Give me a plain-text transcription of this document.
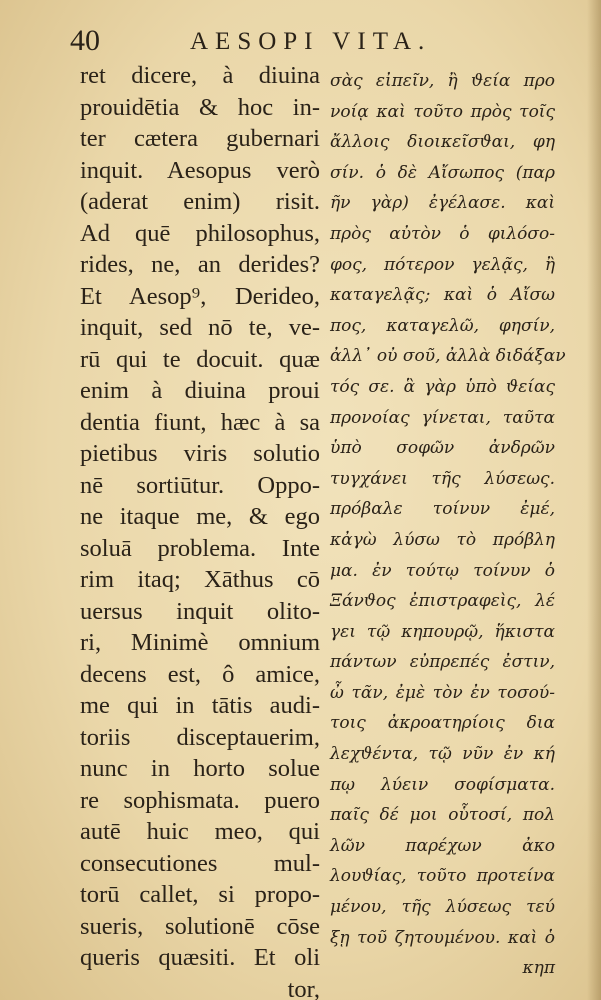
40	AESOPI VITA.
ret dicere, à diuina
prouidētia & hoc in-
ter cætera gubernari
inquit. Aesopus verò
(aderat enim) risit.
Ad quē philosophus,
rides, ne, an derides?
Et Aesop⁹, Derideo,
inquit, sed nō te, ve-
rū qui te docuit. quæ
enim à diuina proui
dentia fiunt, hæc à sa
pietibus viris solutio
nē sortiūtur. Oppo-
ne itaque me, & ego
soluā problema. Inte
rim itaq; Xāthus cō
uersus inquit olito-
ri, Minimè omnium
decens est, ô amice,
me qui in tātis audi-
toriis disceptauerim,
nunc in horto solue
re sophismata. puero
autē huic meo, qui
consecutiones mul-
torū callet, si propo-
sueris, solutionē cōse
queris quæsiti. Et oli
tor,
σὰς εἰπεῖν, ἢ ϑεία προ
νοίᾳ καὶ τοῦτο πρὸς τοῖς
ἄλλοις διοικεῖσϑαι, φη
σίν. ὁ δὲ Αἴσωπος (παρ
ῆν γὰρ) ἐγέλασε. καὶ
πρὸς αὐτὸν ὁ φιλόσο-
φος, πότερον γελᾷς, ἢ
καταγελᾷς; καὶ ὁ Αἴσω
πος, καταγελῶ, φησίν,
ἀλλ᾽ οὐ σοῦ, ἀλλὰ διδάξαν
τός σε. ἃ γὰρ ὑπὸ ϑείας
προνοίας γίνεται, ταῦτα
ὑπὸ σοφῶν ἀνδρῶν
τυγχάνει τῆς λύσεως.
πρόβαλε τοίνυν ἐμέ,
κἀγὼ λύσω τὸ πρόβλη
μα. ἐν τούτῳ τοίνυν ὁ
Ξάνϑος ἐπιστραφεὶς, λέ
γει τῷ κηπουρῷ, ἥκιστα
πάντων εὐπρεπές ἐστιν,
ὦ τᾶν, ἐμὲ τὸν ἐν τοσού-
τοις ἀκροατηρίοις δια
λεχϑέντα, τῷ νῦν ἐν κή
πῳ λύειν σοφίσματα.
παῖς δέ μοι οὗτοσί, πολ
λῶν παρέχων ἀκο
λουϑίας, τοῦτο προτείνα
μένου, τῆς λύσεως τεύ
ξῃ τοῦ ζητουμένου. καὶ ὁ
κηπ
